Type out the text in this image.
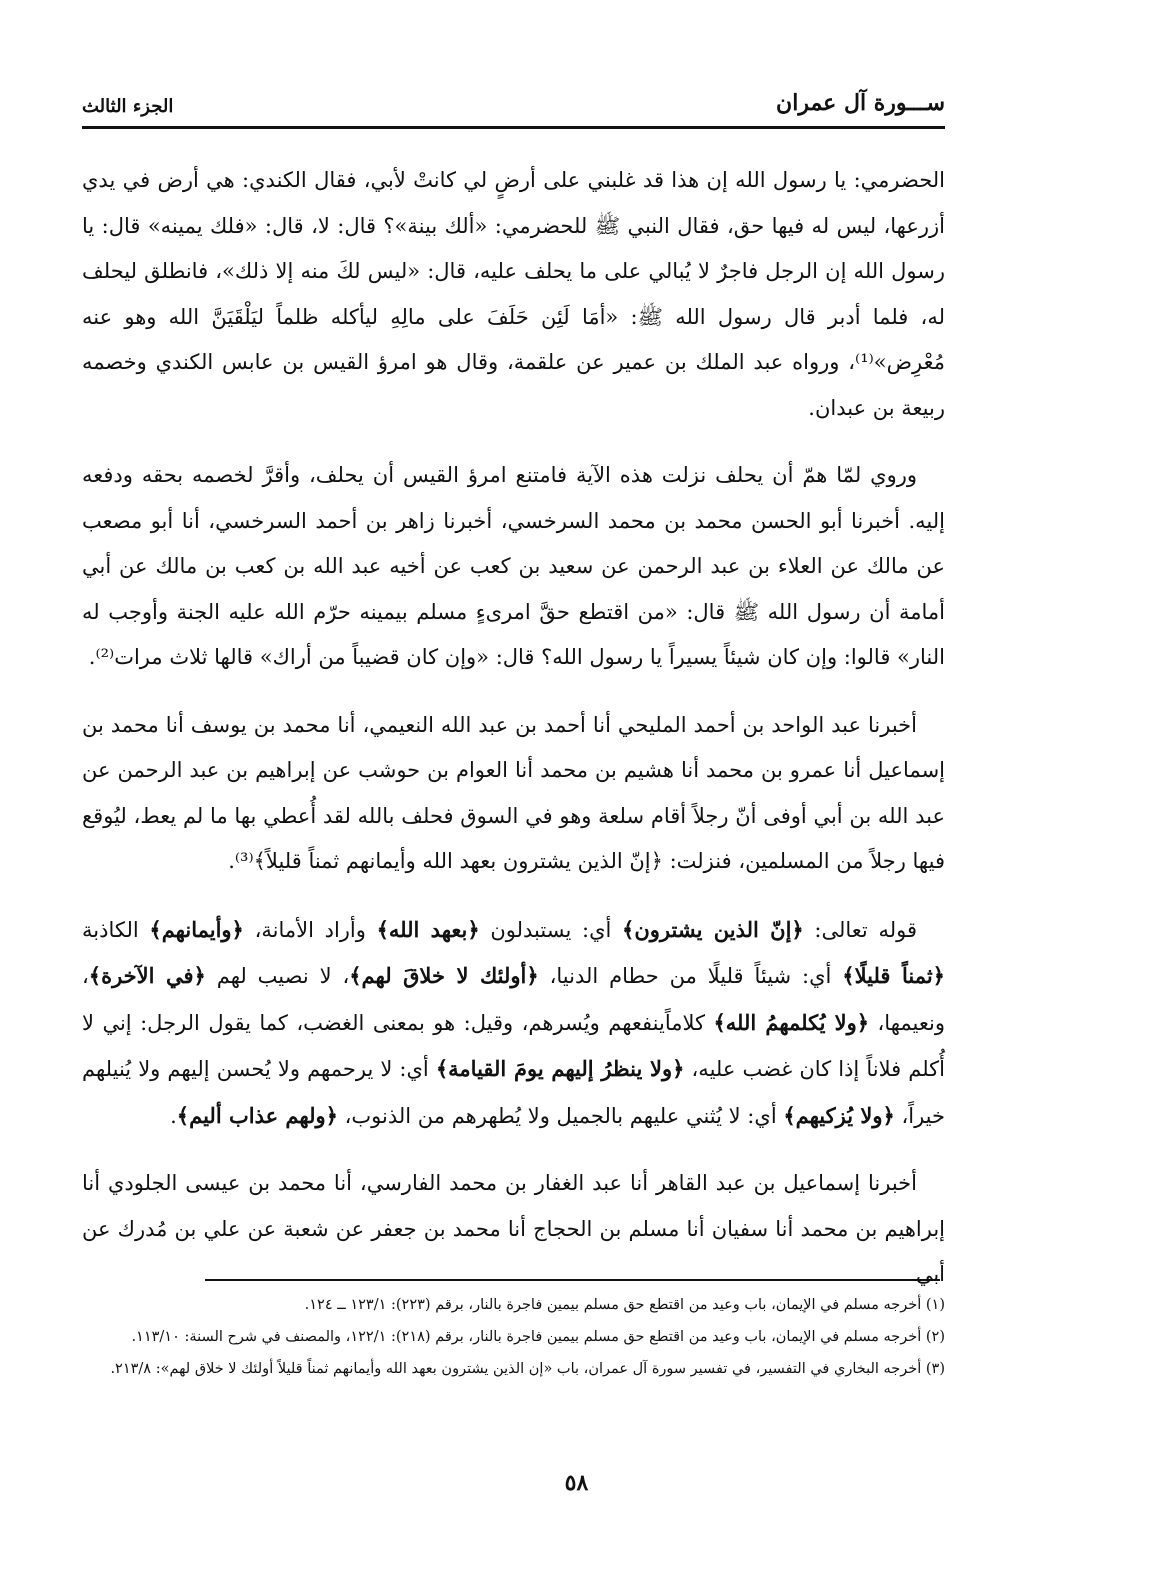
ســـورة آل عمران
الجزء الثالث

الحضرمي: يا رسول الله إن هذا قد غلبني على أرضٍ لي كانتْ لأبي، فقال الكندي: هي أرض في يدي أزرعها، ليس له فيها حق، فقال النبي ﷺ للحضرمي: «ألك بينة»؟ قال: لا، قال: «فلك يمينه» قال: يا رسول الله إن الرجل فاجرٌ لا يُبالي على ما يحلف عليه، قال: «ليس لكَ منه إلا ذلك»، فانطلق ليحلف له، فلما أدبر قال رسول الله ﷺ: «أمَا لَئِن حَلَفَ على مالِهِ ليأكله ظلماً ليَلْقَيَنَّ الله وهو عنه مُعْرِض»⁽¹⁾، ورواه عبد الملك بن عمير عن علقمة، وقال هو امرؤ القيس بن عابس الكندي وخصمه ربيعة بن عبدان.

وروي لمّا همّ أن يحلف نزلت هذه الآية فامتنع امرؤ القيس أن يحلف، وأقرَّ لخصمه بحقه ودفعه إليه. أخبرنا أبو الحسن محمد بن محمد السرخسي، أخبرنا زاهر بن أحمد السرخسي، أنا أبو مصعب عن مالك عن العلاء بن عبد الرحمن عن سعيد بن كعب عن أخيه عبد الله بن كعب بن مالك عن أبي أمامة أن رسول الله ﷺ قال: «من اقتطع حقَّ امرىءٍ مسلم بيمينه حرّم الله عليه الجنة وأوجب له النار» قالوا: وإن كان شيئاً يسيراً يا رسول الله؟ قال: «وإن كان قضيباً من أراك» قالها ثلاث مرات⁽²⁾.

أخبرنا عبد الواحد بن أحمد المليحي أنا أحمد بن عبد الله النعيمي، أنا محمد بن يوسف أنا محمد بن إسماعيل أنا عمرو بن محمد أنا هشيم بن محمد أنا العوام بن حوشب عن إبراهيم بن عبد الرحمن عن عبد الله بن أبي أوفى أنّ رجلاً أقام سلعة وهو في السوق فحلف بالله لقد أُعطي بها ما لم يعط، ليُوقع فيها رجلاً من المسلمين، فنزلت: ﴿إنّ الذين يشترون بعهد الله وأيمانهم ثمناً قليلاً﴾⁽³⁾.

قوله تعالى: ﴿إنّ الذين يشترون﴾ أي: يستبدلون ﴿بعهد الله﴾ وأراد الأمانة، ﴿وأيمانهم﴾ الكاذبة ﴿ثمناً قليلًا﴾ أي: شيئاً قليلًا من حطام الدنيا، ﴿أولئك لا خلاقَ لهم﴾، لا نصيب لهم ﴿في الآخرة﴾، ونعيمها، ﴿ولا يُكلمهمُ الله﴾ كلاماًينفعهم ويُسرهم، وقيل: هو بمعنى الغضب، كما يقول الرجل: إني لا أُكلم فلاناً إذا كان غضب عليه، ﴿ولا ينظرُ إليهم يومَ القيامة﴾ أي: لا يرحمهم ولا يُحسن إليهم ولا يُنيلهم خيراً، ﴿ولا يُزكيهم﴾ أي: لا يُثني عليهم بالجميل ولا يُطهرهم من الذنوب، ﴿ولهم عذاب أليم﴾.

أخبرنا إسماعيل بن عبد القاهر أنا عبد الغفار بن محمد الفارسي، أنا محمد بن عيسى الجلودي أنا إبراهيم بن محمد أنا سفيان أنا مسلم بن الحجاج أنا محمد بن جعفر عن شعبة عن علي بن مُدرك عن أبي

(١) أخرجه مسلم في الإيمان، باب وعيد من اقتطع حق مسلم بيمين فاجرة بالنار، برقم (٢٢٣): ١٢٣/١ ــ ١٢٤.

(٢) أخرجه مسلم في الإيمان، باب وعيد من اقتطع حق مسلم بيمين فاجرة بالنار، برقم (٢١٨): ١٢٢/١، والمصنف في شرح السنة: ١١٣/١٠.

(٣) أخرجه البخاري في التفسير، في تفسير سورة آل عمران، باب «إن الذين يشترون بعهد الله وأيمانهم ثمناً قليلاً أولئك لا خلاق لهم»: ٢١٣/٨.

٥٨
